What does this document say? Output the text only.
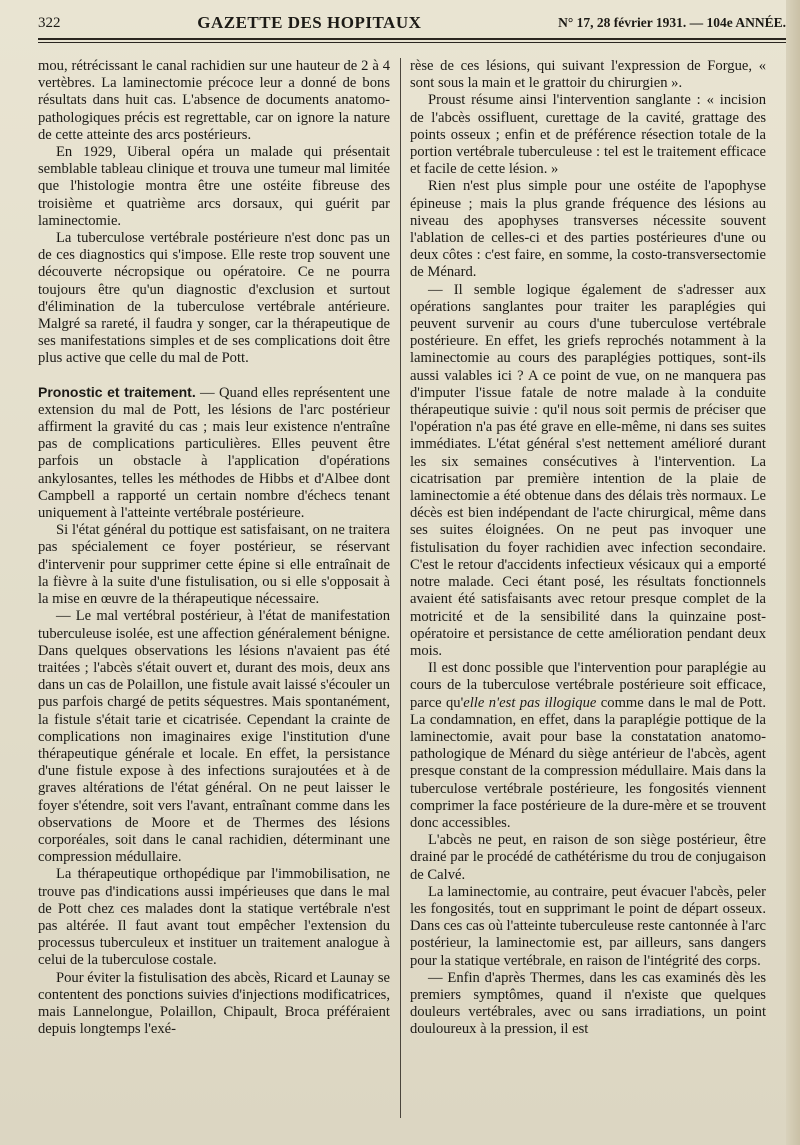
322	GAZETTE DES HOPITAUX	N° 17, 28 février 1931. — 104e ANNÉE.

mou, rétrécissant le canal rachidien sur une hauteur de 2 à 4 vertèbres. La laminectomie précoce leur a donné de bons résultats dans huit cas. L'absence de documents anatomo-pathologiques précis est regrettable, car on ignore la nature de cette atteinte des arcs postérieurs.

En 1929, Uiberal opéra un malade qui présentait semblable tableau clinique et trouva une tumeur mal limitée que l'histologie montra être une ostéite fibreuse des troisième et quatrième arcs dorsaux, qui guérit par laminectomie.

La tuberculose vertébrale postérieure n'est donc pas un de ces diagnostics qui s'impose. Elle reste trop souvent une découverte nécropsique ou opératoire. Ce ne pourra toujours être qu'un diagnostic d'exclusion et surtout d'élimination de la tuberculose vertébrale antérieure. Malgré sa rareté, il faudra y songer, car la thérapeutique de ses manifestations simples et de ses complications doit être plus active que celle du mal de Pott.

Pronostic et traitement. — Quand elles représentent une extension du mal de Pott, les lésions de l'arc postérieur affirment la gravité du cas ; mais leur existence n'entraîne pas de complications particulières. Elles peuvent être parfois un obstacle à l'application d'opérations ankylosantes, telles les méthodes de Hibbs et d'Albee dont Campbell a rapporté un certain nombre d'échecs tenant uniquement à l'atteinte vertébrale postérieure.

Si l'état général du pottique est satisfaisant, on ne traitera pas spécialement ce foyer postérieur, se réservant d'intervenir pour supprimer cette épine si elle entraînait de la fièvre à la suite d'une fistulisation, ou si elle s'opposait à la mise en œuvre de la thérapeutique nécessaire.

— Le mal vertébral postérieur, à l'état de manifestation tuberculeuse isolée, est une affection généralement bénigne. Dans quelques observations les lésions n'avaient pas été traitées ; l'abcès s'était ouvert et, durant des mois, deux ans dans un cas de Polaillon, une fistule avait laissé s'écouler un pus parfois chargé de petits séquestres. Mais spontanément, la fistule s'était tarie et cicatrisée. Cependant la crainte de complications non imaginaires exige l'institution d'une thérapeutique générale et locale. En effet, la persistance d'une fistule expose à des infections surajoutées et à de graves altérations de l'état général. On ne peut laisser le foyer s'étendre, soit vers l'avant, entraînant comme dans les observations de Moore et de Thermes des lésions corporéales, soit dans le canal rachidien, déterminant une compression médullaire.

La thérapeutique orthopédique par l'immobilisation, ne trouve pas d'indications aussi impérieuses que dans le mal de Pott chez ces malades dont la statique vertébrale n'est pas altérée. Il faut avant tout empêcher l'extension du processus tuberculeux et instituer un traitement analogue à celui de la tuberculose costale.

Pour éviter la fistulisation des abcès, Ricard et Launay se contentent des ponctions suivies d'injections modificatrices, mais Lannelongue, Polaillon, Chipault, Broca préféraient depuis longtemps l'exé-

rèse de ces lésions, qui suivant l'expression de Forgue, « sont sous la main et le grattoir du chirurgien ».

Proust résume ainsi l'intervention sanglante : « incision de l'abcès ossifluent, curettage de la cavité, grattage des points osseux ; enfin et de préférence résection totale de la portion vertébrale tuberculeuse : tel est le traitement efficace et facile de cette lésion. »

Rien n'est plus simple pour une ostéite de l'apophyse épineuse ; mais la plus grande fréquence des lésions au niveau des apophyses transverses nécessite souvent l'ablation de celles-ci et des parties postérieures d'une ou deux côtes : c'est faire, en somme, la costo-transversectomie de Ménard.

— Il semble logique également de s'adresser aux opérations sanglantes pour traiter les paraplégies qui peuvent survenir au cours d'une tuberculose vertébrale postérieure. En effet, les griefs reprochés notamment à la laminectomie au cours des paraplégies pottiques, sont-ils aussi valables ici ? A ce point de vue, on ne manquera pas d'imputer l'issue fatale de notre malade à la conduite thérapeutique suivie : qu'il nous soit permis de préciser que l'opération n'a pas été grave en elle-même, ni dans ses suites immédiates. L'état général s'est nettement amélioré durant les six semaines consécutives à l'intervention. La cicatrisation par première intention de la plaie de laminectomie a été obtenue dans des délais très normaux. Le décès est bien indépendant de l'acte chirurgical, même dans ses suites éloignées. On ne peut pas invoquer une fistulisation du foyer rachidien avec infection secondaire. C'est le retour d'accidents infectieux vésicaux qui a emporté notre malade. Ceci étant posé, les résultats fonctionnels avaient été satisfaisants avec retour presque complet de la motricité et de la sensibilité dans la quinzaine post-opératoire et persistance de cette amélioration pendant deux mois.

Il est donc possible que l'intervention pour paraplégie au cours de la tuberculose vertébrale postérieure soit efficace, parce qu'elle n'est pas illogique comme dans le mal de Pott. La condamnation, en effet, dans la paraplégie pottique de la laminectomie, avait pour base la constatation anatomo-pathologique de Ménard du siège antérieur de l'abcès, agent presque constant de la compression médullaire. Mais dans la tuberculose vertébrale postérieure, les fongosités viennent comprimer la face postérieure de la dure-mère et se trouvent donc accessibles.

L'abcès ne peut, en raison de son siège postérieur, être drainé par le procédé de cathétérisme du trou de conjugaison de Calvé.

La laminectomie, au contraire, peut évacuer l'abcès, peler les fongosités, tout en supprimant le point de départ osseux. Dans ces cas où l'atteinte tuberculeuse reste cantonnée à l'arc postérieur, la laminectomie est, par ailleurs, sans dangers pour la statique vertébrale, en raison de l'intégrité des corps.

— Enfin d'après Thermes, dans les cas examinés dès les premiers symptômes, quand il n'existe que quelques douleurs vertébrales, avec ou sans irradiations, un point douloureux à la pression, il est
